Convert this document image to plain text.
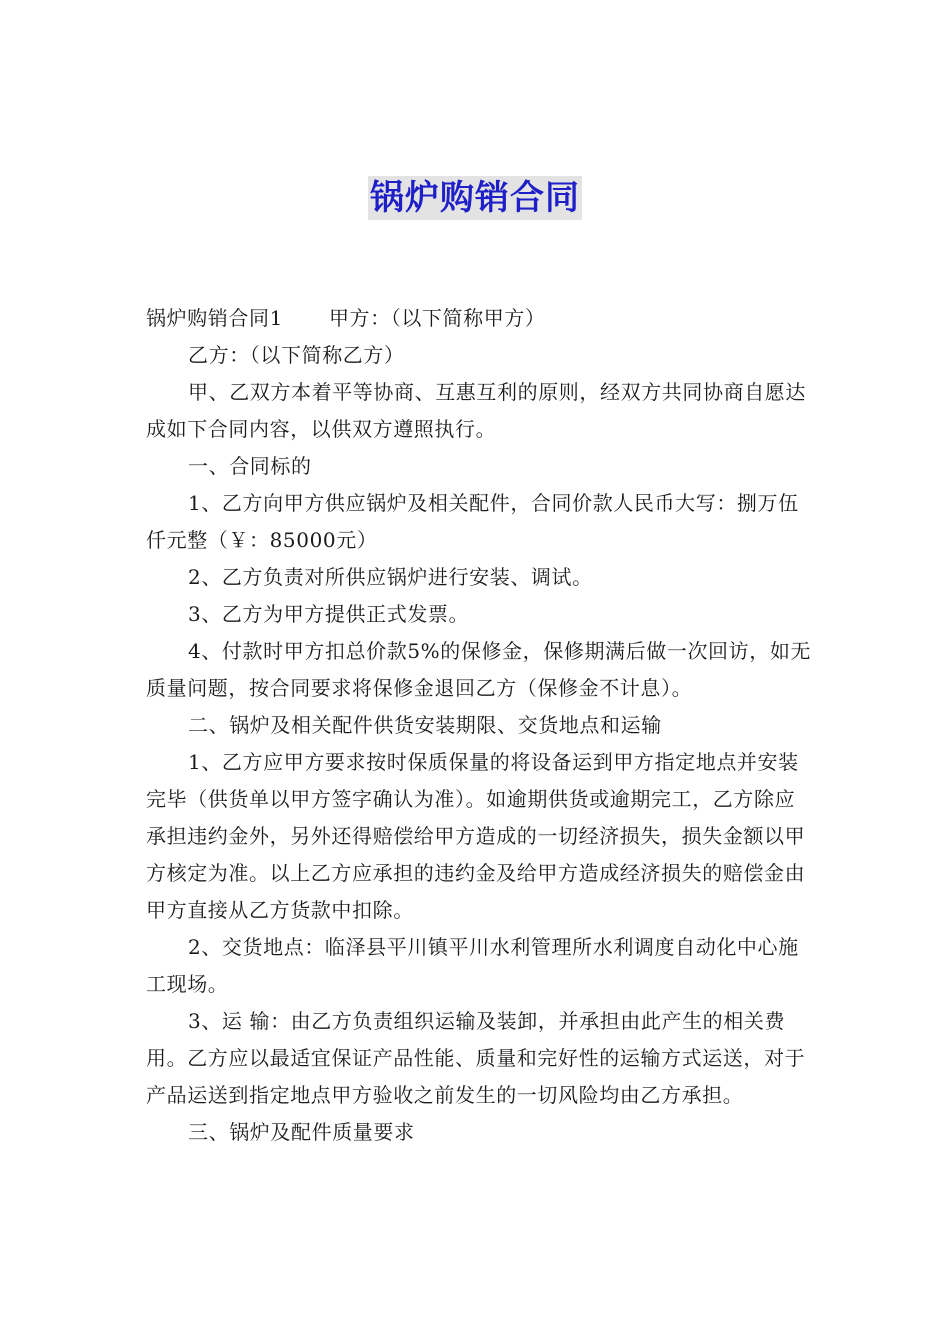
锅炉购销合同

锅炉购销合同1 甲方：（以下简称甲方）

乙方：（以下简称乙方）

甲、乙双方本着平等协商、互惠互利的原则，经双方共同协商自愿达成如下合同内容，以供双方遵照执行。

一、合同标的

1、乙方向甲方供应锅炉及相关配件，合同价款人民币大写：捌万伍仟元整（￥：85000元）

2、乙方负责对所供应锅炉进行安装、调试。

3、乙方为甲方提供正式发票。

4、付款时甲方扣总价款5%的保修金，保修期满后做一次回访，如无质量问题，按合同要求将保修金退回乙方（保修金不计息）。

二、锅炉及相关配件供货安装期限、交货地点和运输

1、乙方应甲方要求按时保质保量的将设备运到甲方指定地点并安装完毕（供货单以甲方签字确认为准）。如逾期供货或逾期完工，乙方除应承担违约金外，另外还得赔偿给甲方造成的一切经济损失，损失金额以甲方核定为准。以上乙方应承担的违约金及给甲方造成经济损失的赔偿金由甲方直接从乙方货款中扣除。

2、交货地点：临泽县平川镇平川水利管理所水利调度自动化中心施工现场。

3、运 输：由乙方负责组织运输及装卸，并承担由此产生的相关费用。乙方应以最适宜保证产品性能、质量和完好性的运输方式运送，对于产品运送到指定地点甲方验收之前发生的一切风险均由乙方承担。

三、锅炉及配件质量要求
